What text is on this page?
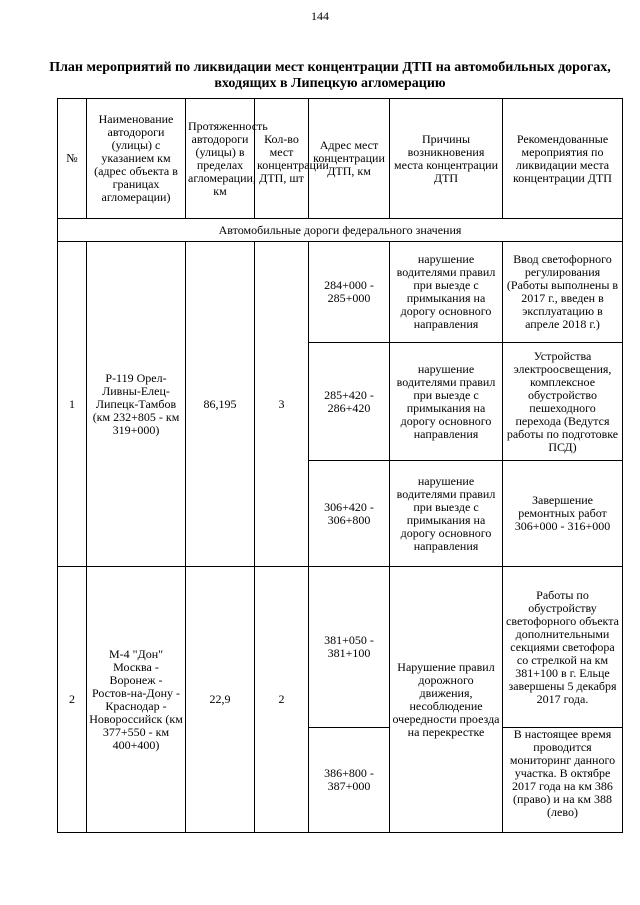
144
План мероприятий по ликвидации мест концентрации ДТП на автомобильных дорогах, входящих в Липецкую агломерацию
№	Наименование автодороги (улицы) с указанием км (адрес объекта в границах агломерации)	Протяженность автодороги (улицы) в пределах агломерации, км	Кол-во мест концентрации ДТП, шт	Адрес мест концентрации ДТП, км	Причины возникновения места концентрации ДТП	Рекомендованные мероприятия по ликвидации места концентрации ДТП
Автомобильные дороги федерального значения						
1	Р-119 Орел-Ливны-Елец-Липецк-Тамбов (км 232+805 - км 319+000)	86,195	3	284+000 - 285+000	нарушение водителями правил при выезде с примыкания на дорогу основного направления	Ввод светофорного регулирования (Работы выполнены в 2017 г., введен в эксплуатацию в апреле 2018 г.)
				285+420 - 286+420	нарушение водителями правил при выезде с примыкания на дорогу основного направления	Устройства электроосвещения, комплексное обустройство пешеходного перехода (Ведутся работы по подготовке ПСД)
				306+420 - 306+800	нарушение водителями правил при выезде с примыкания на дорогу основного направления	Завершение ремонтных работ 306+000 - 316+000
2	М-4 "Дон" Москва - Воронеж - Ростов-на-Дону - Краснодар - Новороссийск (км 377+550 - км 400+400)	22,9	2	381+050 - 381+100	Нарушение правил дорожного движения, несоблюдение очередности проезда на перекрестке	Работы по обустройству светофорного объекта дополнительными секциями светофора со стрелкой на км 381+100 в г. Ельце завершены 5 декабря 2017 года.
				386+800 - 387+000		В настоящее время проводится мониторинг данного участка. В октябре 2017 года на км 386 (право) и на км 388 (лево)
